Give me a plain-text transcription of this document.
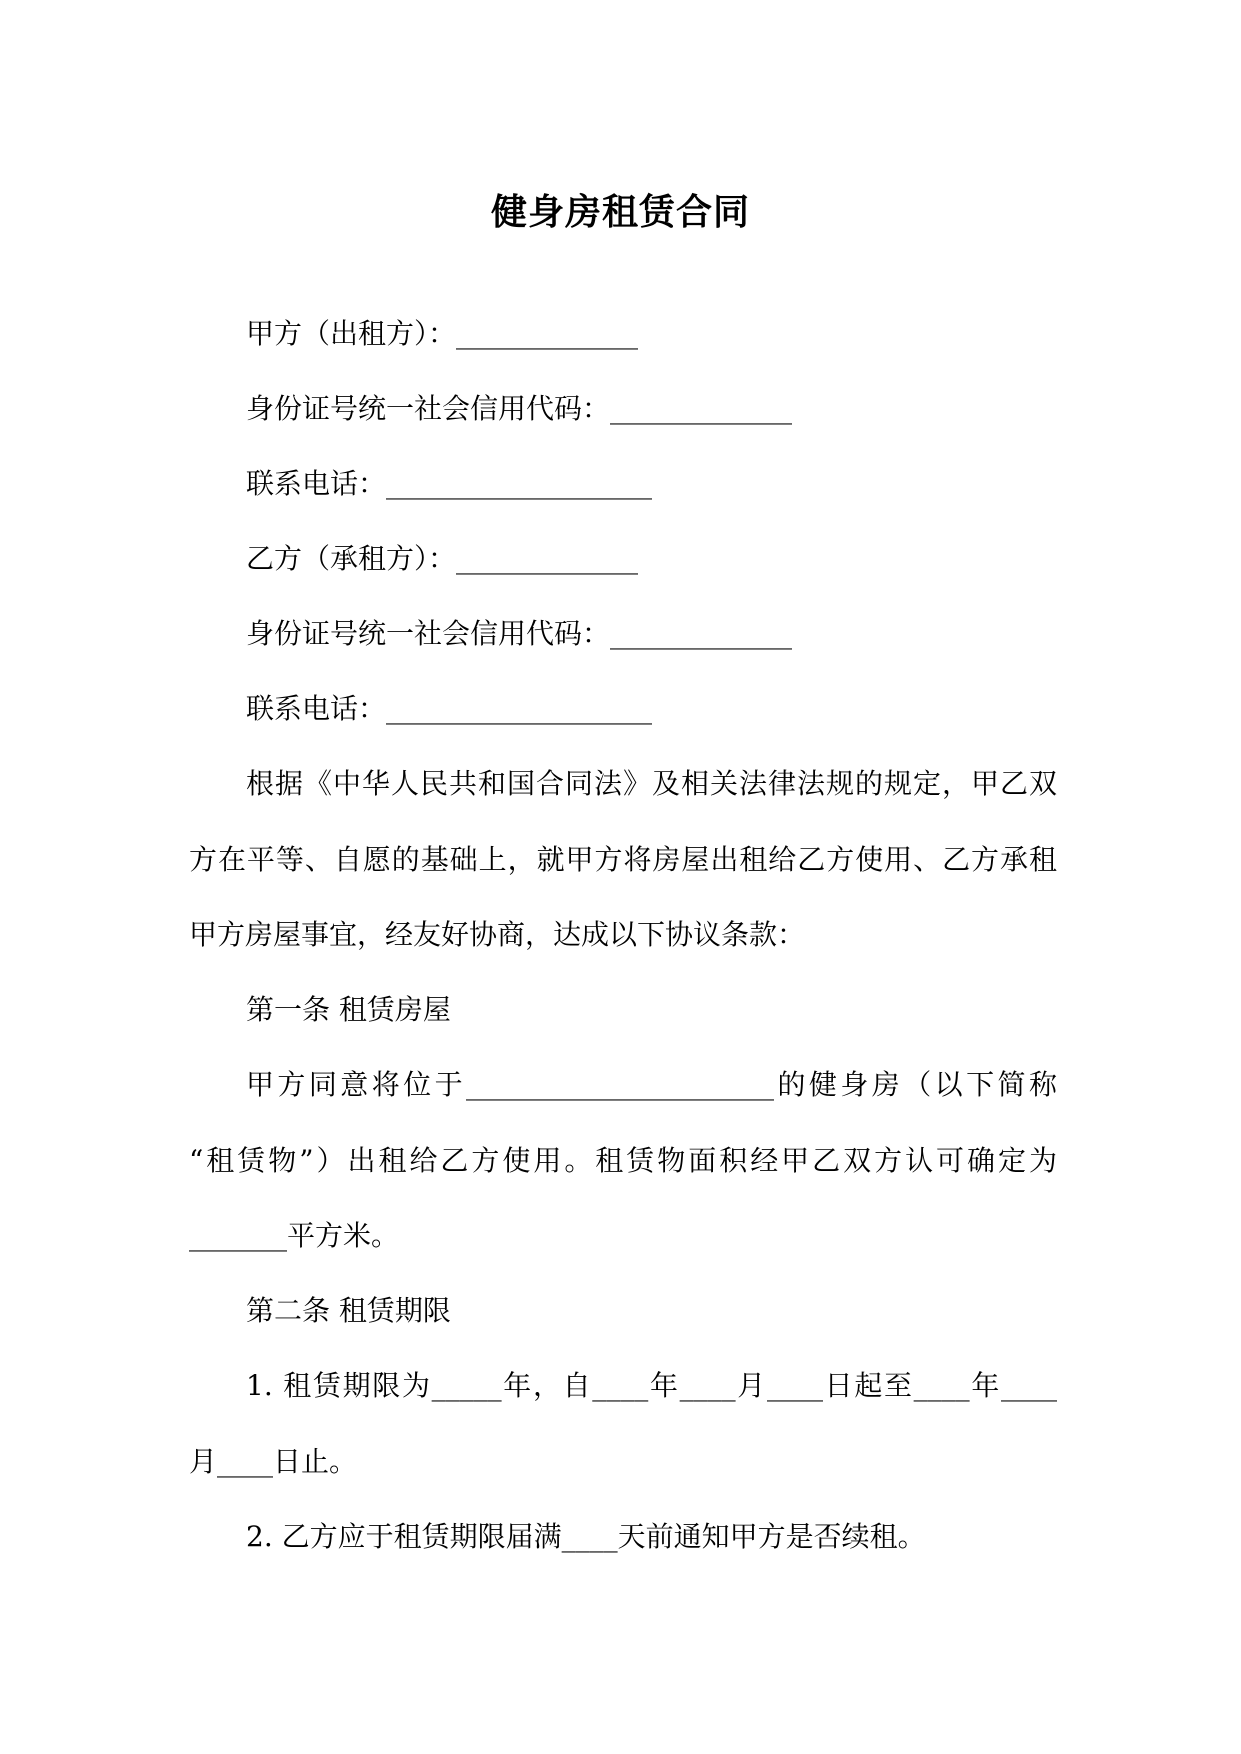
健身房租赁合同
甲方（出租方）：_____________
身份证号统一社会信用代码：_____________
联系电话：___________________
乙方（承租方）：_____________
身份证号统一社会信用代码：_____________
联系电话：___________________
根据《中华人民共和国合同法》及相关法律法规的规定，甲乙双
方在平等、自愿的基础上，就甲方将房屋出租给乙方使用、乙方承租
甲方房屋事宜，经友好协商，达成以下协议条款：
第一条 租赁房屋
甲方同意将位于______________________的健身房（以下简称
“租赁物”）出租给乙方使用。租赁物面积经甲乙双方认可确定为
_______平方米。
第二条 租赁期限
1. 租赁期限为_____年，自____年____月____日起至____年____
月____日止。
2. 乙方应于租赁期限届满____天前通知甲方是否续租。
